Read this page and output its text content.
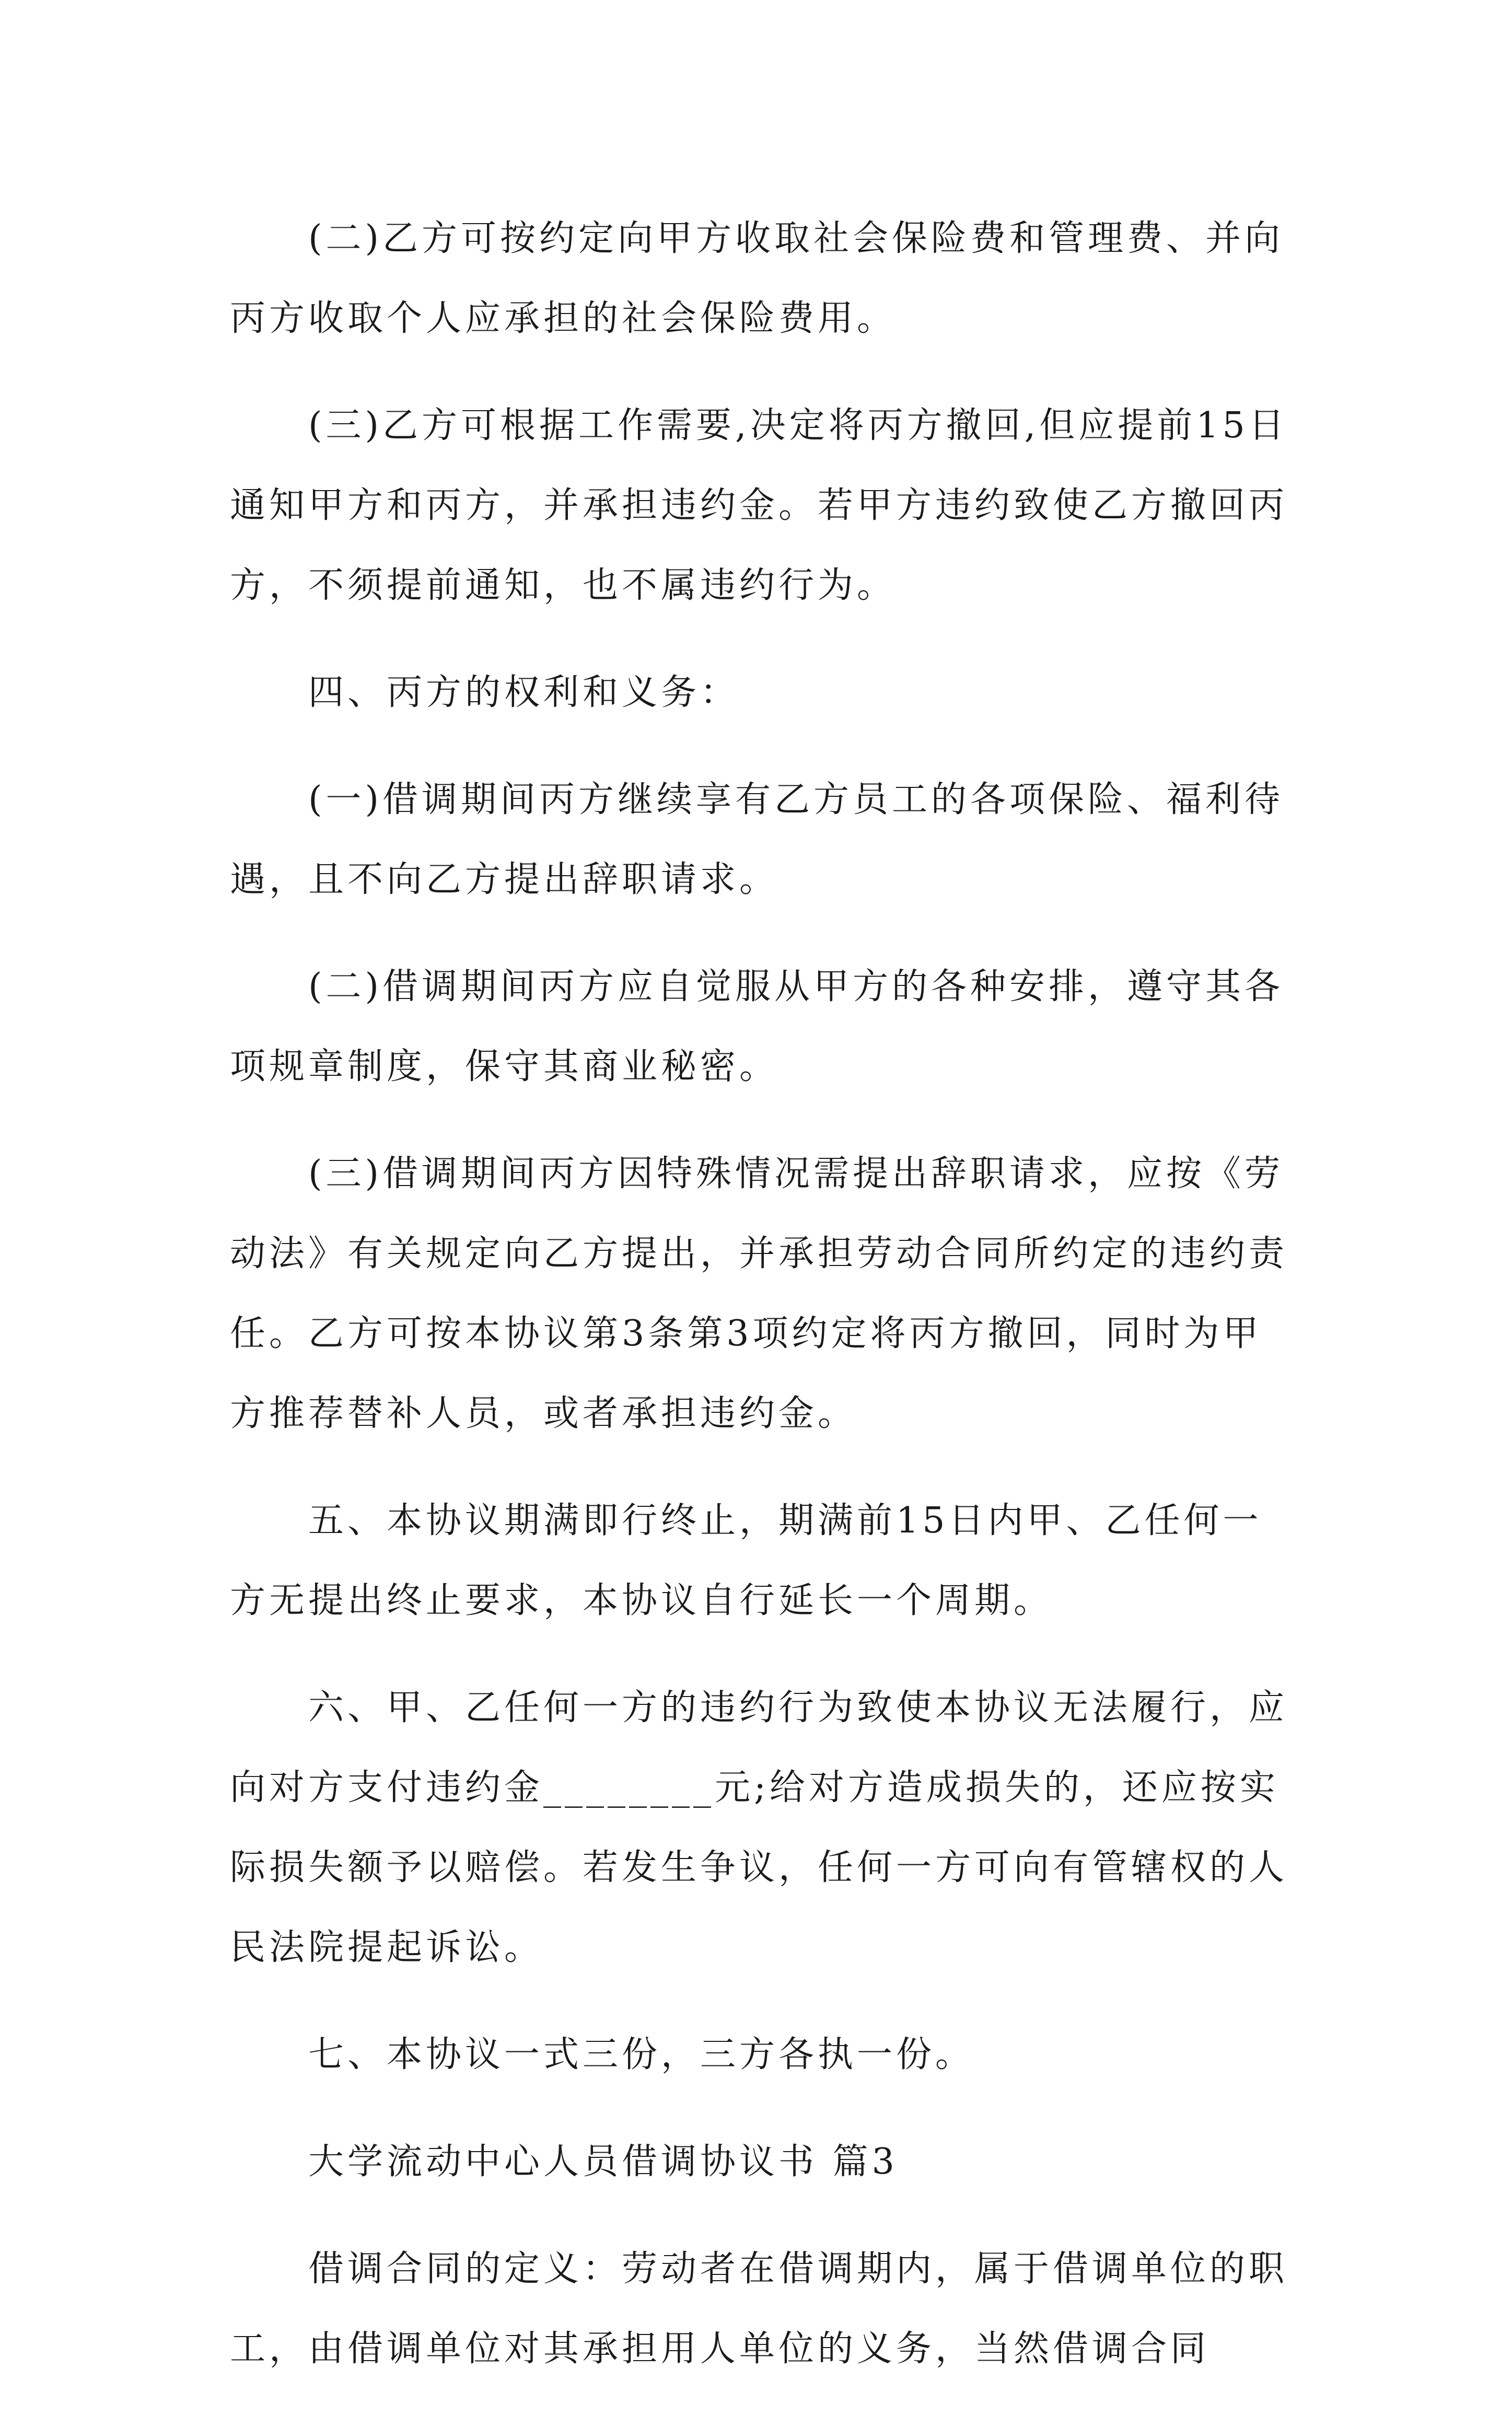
(二)乙方可按约定向甲方收取社会保险费和管理费、并向丙方收取个人应承担的社会保险费用。

(三)乙方可根据工作需要,决定将丙方撤回,但应提前15日通知甲方和丙方，并承担违约金。若甲方违约致使乙方撤回丙方，不须提前通知，也不属违约行为。

四、丙方的权利和义务：

(一)借调期间丙方继续享有乙方员工的各项保险、福利待遇，且不向乙方提出辞职请求。

(二)借调期间丙方应自觉服从甲方的各种安排，遵守其各项规章制度，保守其商业秘密。

(三)借调期间丙方因特殊情况需提出辞职请求，应按《劳动法》有关规定向乙方提出，并承担劳动合同所约定的违约责任。乙方可按本协议第3条第3项约定将丙方撤回，同时为甲方推荐替补人员，或者承担违约金。

五、本协议期满即行终止，期满前15日内甲、乙任何一方无提出终止要求，本协议自行延长一个周期。

六、甲、乙任何一方的违约行为致使本协议无法履行，应向对方支付违约金________元;给对方造成损失的，还应按实际损失额予以赔偿。若发生争议，任何一方可向有管辖权的人民法院提起诉讼。

七、本协议一式三份，三方各执一份。

大学流动中心人员借调协议书 篇3

借调合同的定义：劳动者在借调期内，属于借调单位的职工，由借调单位对其承担用人单位的义务，当然借调合同
